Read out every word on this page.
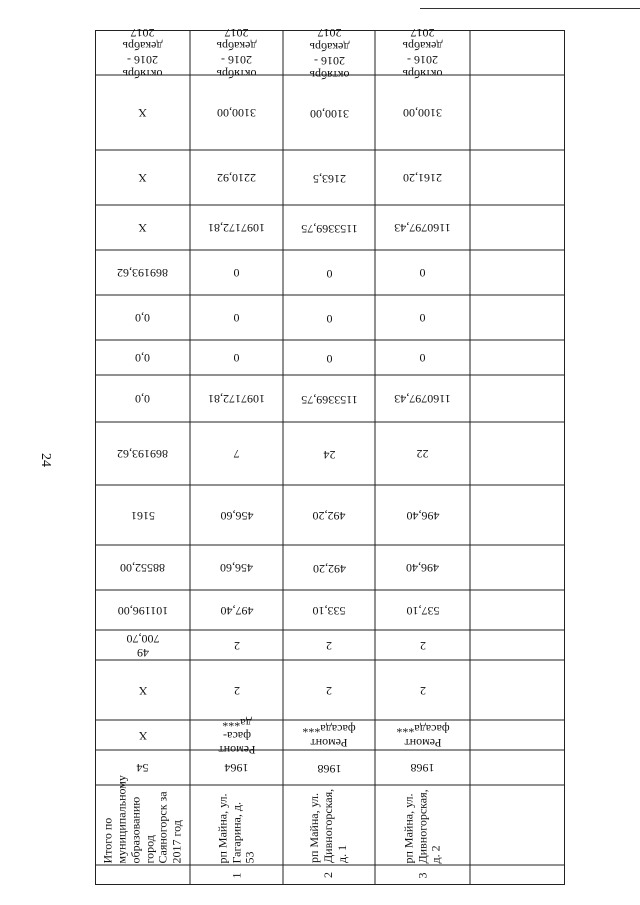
24
Итого по муниципальному образованию город Саяногорск за 2017 год
54
X
X
49 700,70
101196,00
88552,00
5161
869193,62
0,0
0,0
0,0
869193,62
X
X
X
октябрь 2016 - декабрь 2017
1
рп Майна, ул. Гагарина, д. 53
1964
Ремонт фаса-да***
2
2
497,40
456,60
456,60
7
1097172,81
0
0
0
1097172,81
2210,92
3100,00
октябрь 2016 - декабрь 2017
2
рп Майна, ул. Дивногорская, д. 1
1968
Ремонт фасада***
2
2
533,10
492,20
492,20
24
1153369,75
0
0
0
1153369,75
2163,5
3100,00
октябрь 2016 - декабрь 2017
3
рп Майна, ул. Дивногорская, д. 2
1968
Ремонт фасада***
2
2
537,10
496,40
496,40
22
1160797,43
0
0
0
1160797,43
2161,20
3100,00
октябрь 2016 - декабрь 2017
